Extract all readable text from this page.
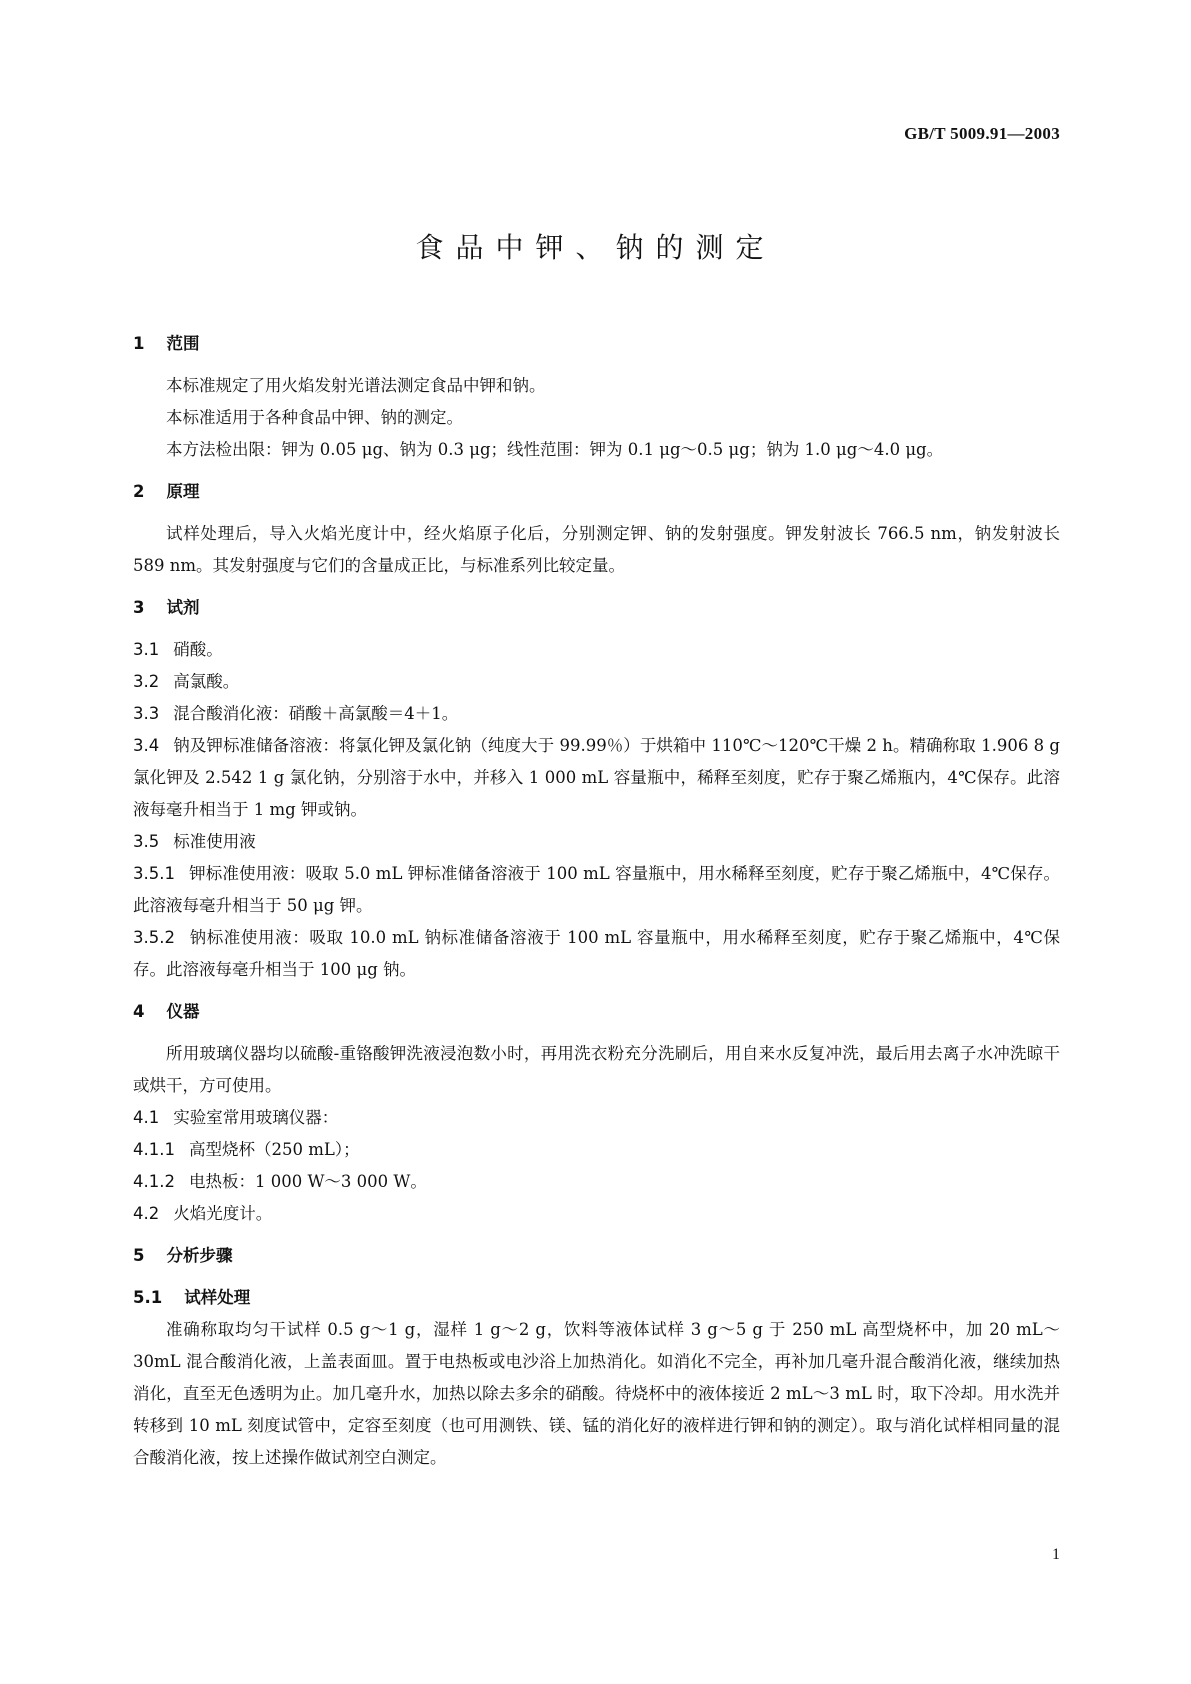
GB/T 5009.91—2003
食品中钾、钠的测定

1 范围

本标准规定了用火焰发射光谱法测定食品中钾和钠。

本标准适用于各种食品中钾、钠的测定。

本方法检出限：钾为 0.05 μg、钠为 0.3 μg；线性范围：钾为 0.1 μg～0.5 μg；钠为 1.0 μg～4.0 μg。

2 原理

试样处理后，导入火焰光度计中，经火焰原子化后，分别测定钾、钠的发射强度。钾发射波长 766.5 nm，钠发射波长 589 nm。其发射强度与它们的含量成正比，与标准系列比较定量。

3 试剂

3.1 硝酸。

3.2 高氯酸。

3.3 混合酸消化液：硝酸＋高氯酸＝4＋1。

3.4 钠及钾标准储备溶液：将氯化钾及氯化钠（纯度大于 99.99％）于烘箱中 110℃～120℃干燥 2 h。精确称取 1.906 8 g 氯化钾及 2.542 1 g 氯化钠，分别溶于水中，并移入 1 000 mL 容量瓶中，稀释至刻度，贮存于聚乙烯瓶内，4℃保存。此溶液每毫升相当于 1 mg 钾或钠。

3.5 标准使用液

3.5.1 钾标准使用液：吸取 5.0 mL 钾标准储备溶液于 100 mL 容量瓶中，用水稀释至刻度，贮存于聚乙烯瓶中，4℃保存。此溶液每毫升相当于 50 μg 钾。

3.5.2 钠标准使用液：吸取 10.0 mL 钠标准储备溶液于 100 mL 容量瓶中，用水稀释至刻度，贮存于聚乙烯瓶中，4℃保存。此溶液每毫升相当于 100 μg 钠。

4 仪器

所用玻璃仪器均以硫酸-重铬酸钾洗液浸泡数小时，再用洗衣粉充分洗刷后，用自来水反复冲洗，最后用去离子水冲洗晾干或烘干，方可使用。

4.1 实验室常用玻璃仪器：

4.1.1 高型烧杯（250 mL）；

4.1.2 电热板：1 000 W～3 000 W。

4.2 火焰光度计。

5 分析步骤

5.1 试样处理

准确称取均匀干试样 0.5 g～1 g，湿样 1 g～2 g，饮料等液体试样 3 g～5 g 于 250 mL 高型烧杯中，加 20 mL～30mL 混合酸消化液，上盖表面皿。置于电热板或电沙浴上加热消化。如消化不完全，再补加几毫升混合酸消化液，继续加热消化，直至无色透明为止。加几毫升水，加热以除去多余的硝酸。待烧杯中的液体接近 2 mL～3 mL 时，取下冷却。用水洗并转移到 10 mL 刻度试管中，定容至刻度（也可用测铁、镁、锰的消化好的液样进行钾和钠的测定）。取与消化试样相同量的混合酸消化液，按上述操作做试剂空白测定。

1
